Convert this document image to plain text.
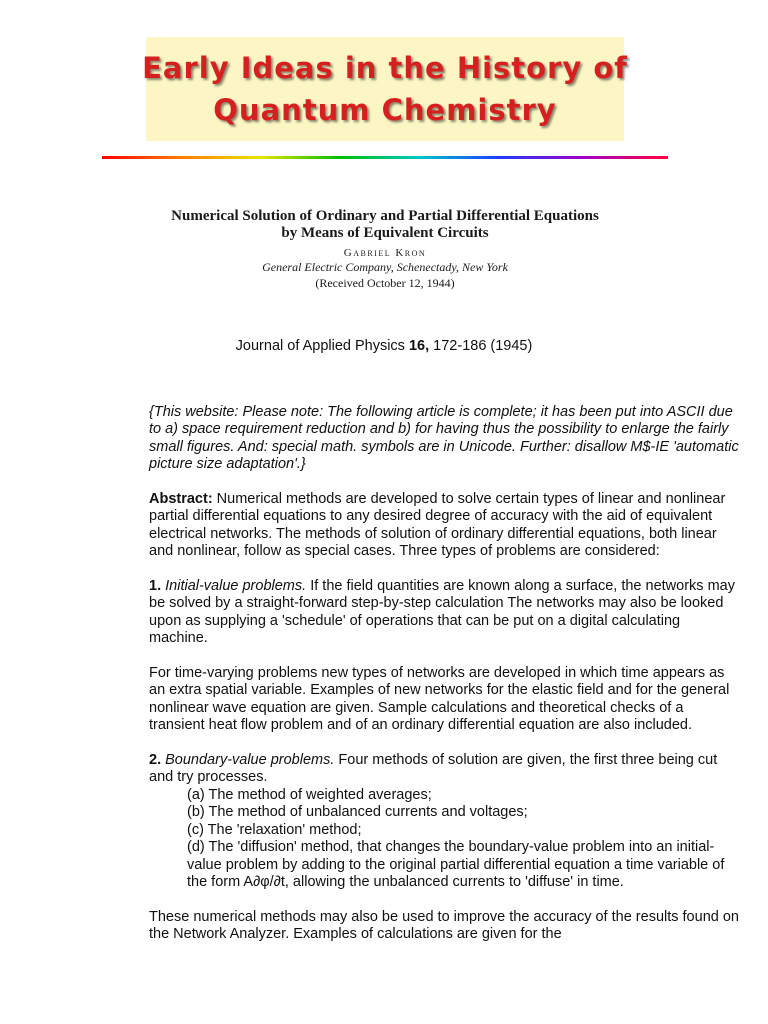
Early Ideas in the History of
Quantum Chemistry
Numerical Solution of Ordinary and Partial Differential Equations
by Means of Equivalent Circuits
Gabriel Kron
General Electric Company, Schenectady, New York
(Received October 12, 1944)
Journal of Applied Physics 16, 172-186 (1945)

{This website: Please note: The following article is complete; it has been put into ASCII due to a) space requirement reduction and b) for having thus the possibility to enlarge the fairly small figures. And: special math. symbols are in Unicode. Further: disallow M$-IE 'automatic picture size adaptation'.}

Abstract: Numerical methods are developed to solve certain types of linear and nonlinear partial differential equations to any desired degree of accuracy with the aid of equivalent electrical networks. The methods of solution of ordinary differential equations, both linear and nonlinear, follow as special cases. Three types of problems are considered:

1. Initial-value problems. If the field quantities are known along a surface, the networks may be solved by a straight-forward step-by-step calculation The networks may also be looked upon as supplying a 'schedule' of operations that can be put on a digital calculating machine.

For time-varying problems new types of networks are developed in which time appears as an extra spatial variable. Examples of new networks for the elastic field and for the general nonlinear wave equation are given. Sample calculations and theoretical checks of a transient heat flow problem and of an ordinary differential equation are also included.

2. Boundary-value problems. Four methods of solution are given, the first three being cut and try processes.

(a) The method of weighted averages;
(b) The method of unbalanced currents and voltages;
(c) The 'relaxation' method;
(d) The 'diffusion' method, that changes the boundary-value problem into an initial-value problem by adding to the original partial differential equation a time variable of the form A∂φ/∂t, allowing the unbalanced currents to 'diffuse' in time.

These numerical methods may also be used to improve the accuracy of the results found on the Network Analyzer. Examples of calculations are given for the
